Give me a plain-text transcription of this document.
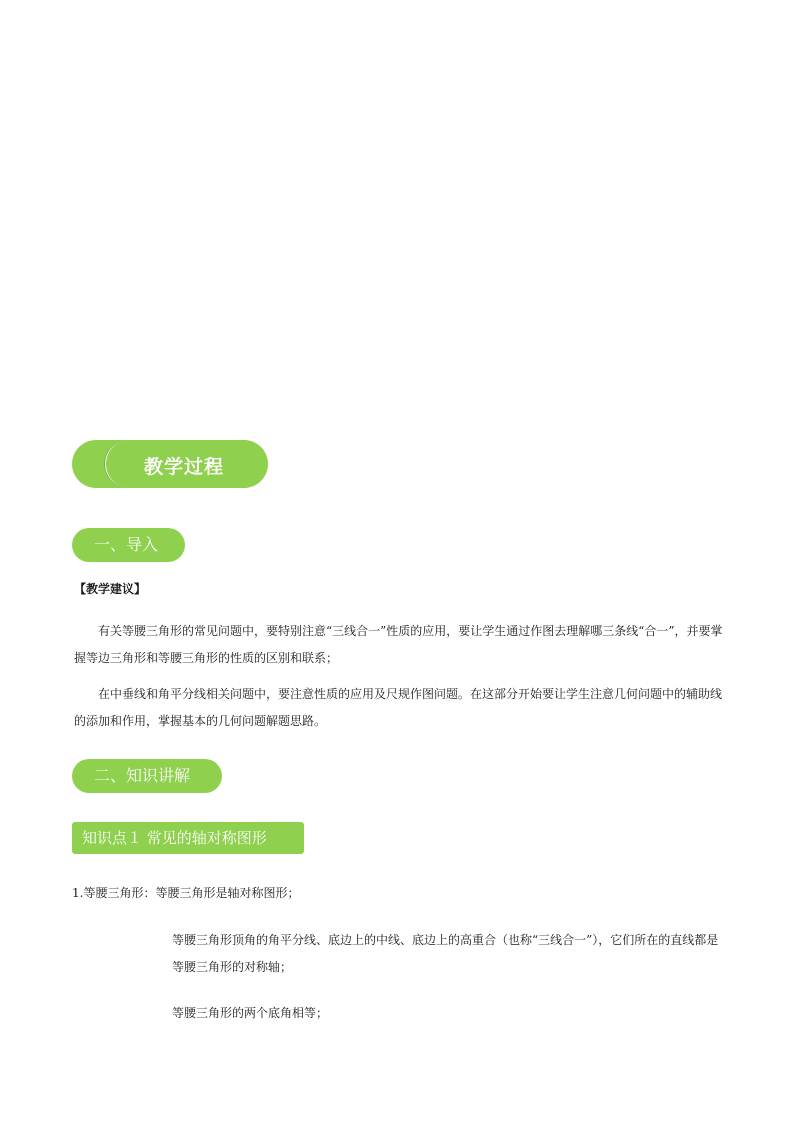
教学过程
一、导入
【教学建议】
有关等腰三角形的常见问题中，要特别注意“三线合一”性质的应用，要让学生通过作图去理解哪三条线“合一”，并要掌握等边三角形和等腰三角形的性质的区别和联系；
在中垂线和角平分线相关问题中，要注意性质的应用及尺规作图问题。在这部分开始要让学生注意几何问题中的辅助线的添加和作用，掌握基本的几何问题解题思路。
二、知识讲解
知识点１ 常见的轴对称图形
1.等腰三角形：等腰三角形是轴对称图形；
等腰三角形顶角的角平分线、底边上的中线、底边上的高重合（也称“三线合一”），它们所在的直线都是等腰三角形的对称轴；
等腰三角形的两个底角相等；
